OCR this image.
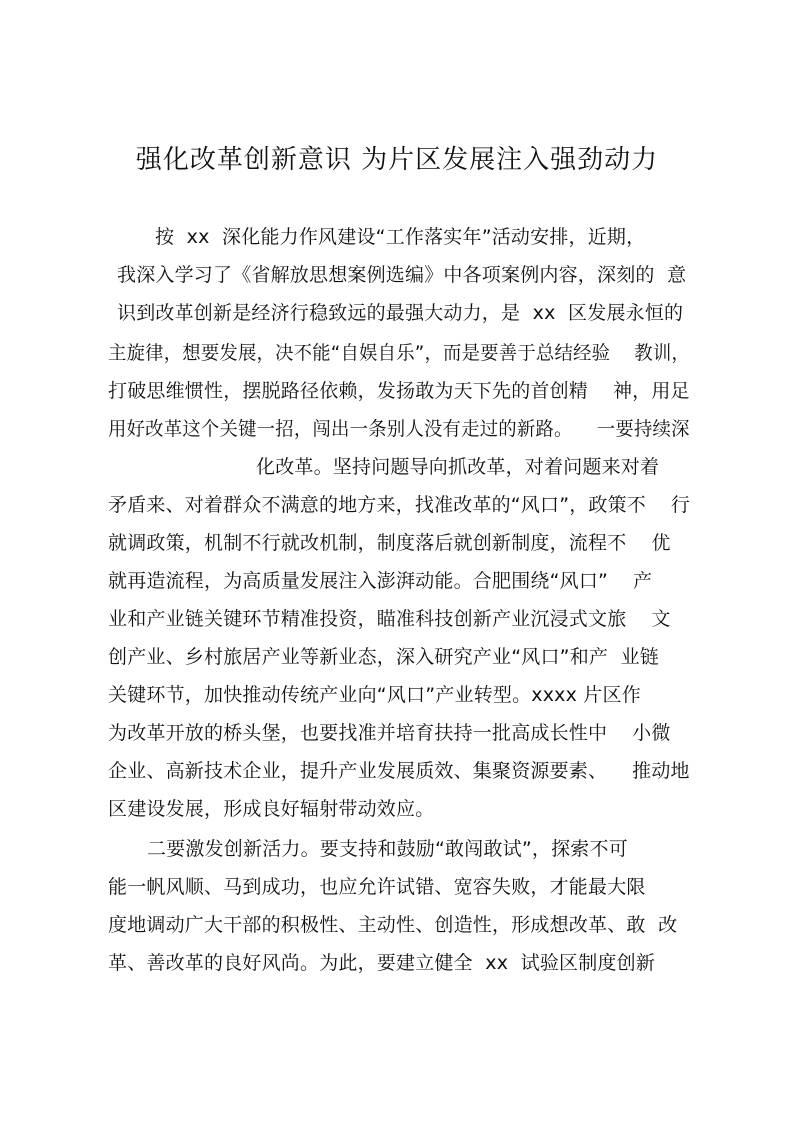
强化改革创新意识 为片区发展注入强劲动力
按  xx  深化能力作风建设“工作落实年”活动安排，近期，
我深入学习了《省解放思想案例选编》中各项案例内容，深刻的  意
识到改革创新是经济行稳致远的最强大动力，是  xx  区发展永恒的
主旋律，想要发展，决不能“自娱自乐”，而是要善于总结经验    教训，
打破思维惯性，摆脱路径依赖，发扬敢为天下先的首创精    神，用足
用好改革这个关键一招，闯出一条别人没有走过的新路。    一要持续深
化改革。坚持问题导向抓改革，对着问题来对着
矛盾来、对着群众不满意的地方来，找准改革的“风口”，政策不    行
就调政策，机制不行就改机制，制度落后就创新制度，流程不    优
就再造流程，为高质量发展注入澎湃动能。合肥围绕“风口”    产
业和产业链关键环节精准投资，瞄准科技创新产业沉浸式文旅    文
创产业、乡村旅居产业等新业态，深入研究产业“风口”和产  业链
关键环节，加快推动传统产业向“风口”产业转型。xxxx 片区作
为改革开放的桥头堡，也要找准并培育扶持一批高成长性中    小微
企业、高新技术企业，提升产业发展质效、集聚资源要素、    推动地
区建设发展，形成良好辐射带动效应。
二要激发创新活力。要支持和鼓励“敢闯敢试”，探索不可
能一帆风顺、马到成功，也应允许试错、宽容失败，才能最大限
度地调动广大干部的积极性、主动性、创造性，形成想改革、敢  改
革、善改革的良好风尚。为此，要建立健全  xx  试验区制度创新
